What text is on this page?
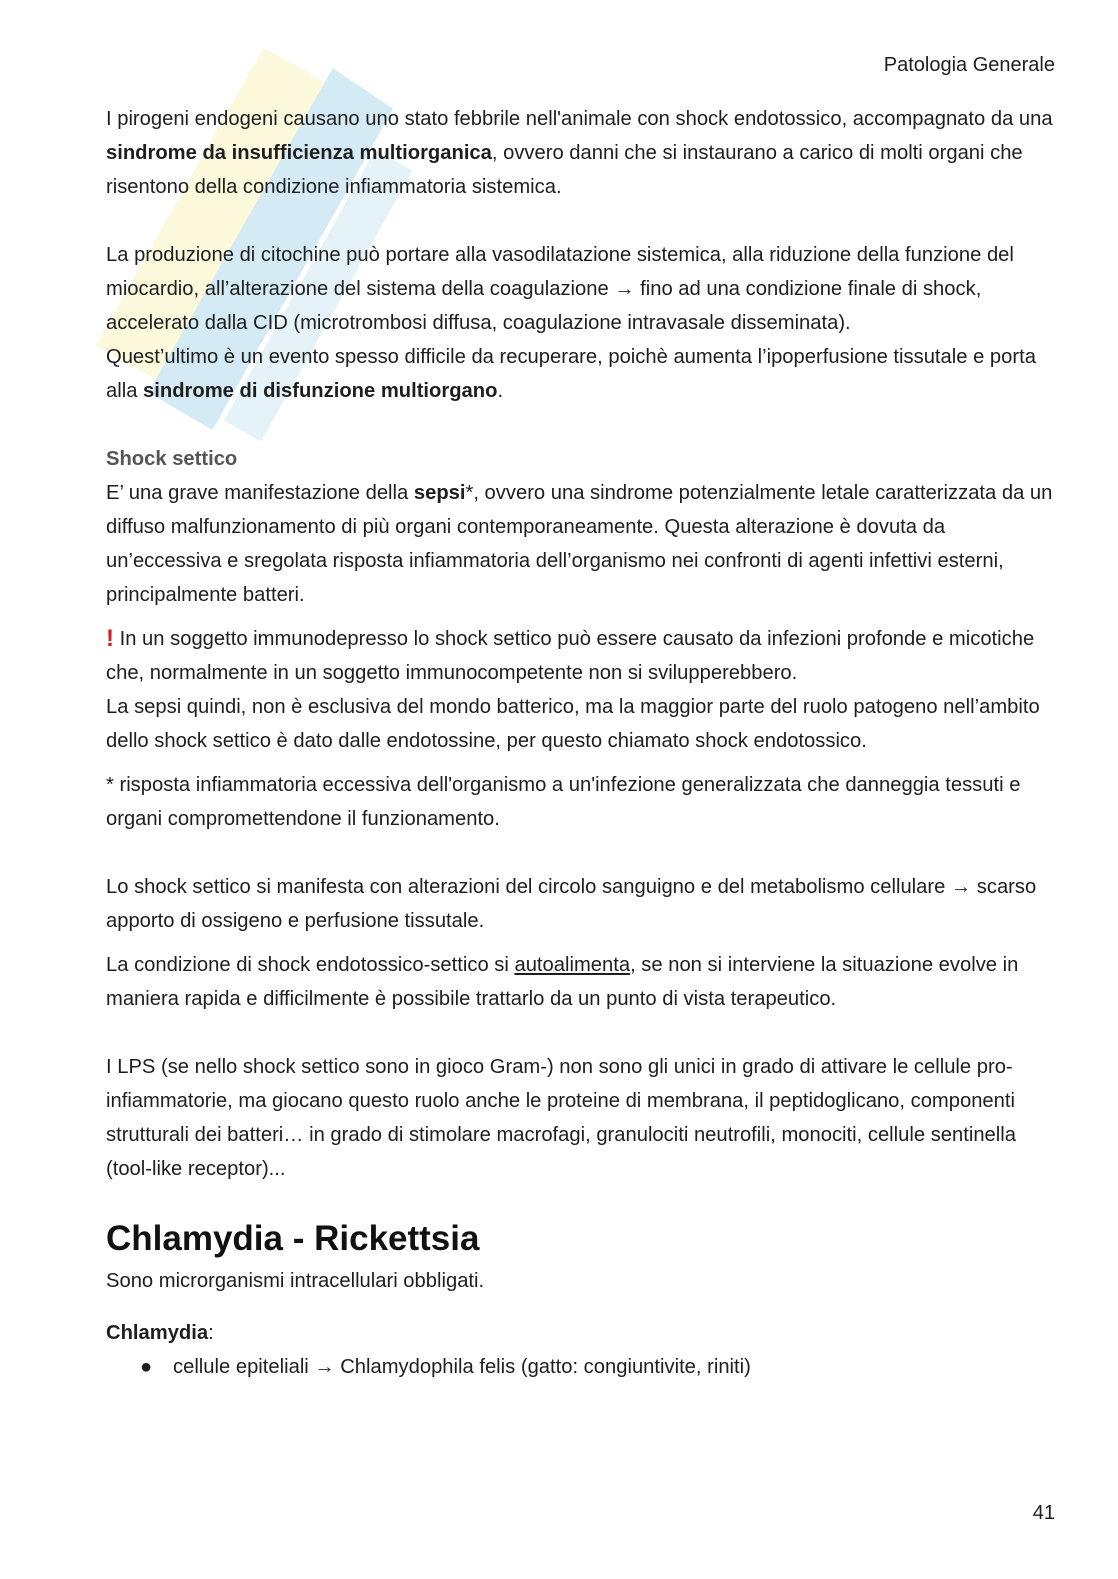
Patologia Generale

I pirogeni endogeni causano uno stato febbrile nell'animale con shock endotossico, accompagnato da una sindrome da insufficienza multiorganica, ovvero danni che si instaurano a carico di molti organi che risentono della condizione infiammatoria sistemica.

La produzione di citochine può portare alla vasodilatazione sistemica, alla riduzione della funzione del miocardio, all’alterazione del sistema della coagulazione → fino ad una condizione finale di shock, accelerato dalla CID (microtrombosi diffusa, coagulazione intravasale disseminata).

Quest’ultimo è un evento spesso difficile da recuperare, poichè aumenta l’ipoperfusione tissutale e porta alla sindrome di disfunzione multiorgano.

Shock settico

E’ una grave manifestazione della sepsi*, ovvero una sindrome potenzialmente letale caratterizzata da un diffuso malfunzionamento di più organi contemporaneamente. Questa alterazione è dovuta da un’eccessiva e sregolata risposta infiammatoria dell’organismo nei confronti di agenti infettivi esterni, principalmente batteri.

! In un soggetto immunodepresso lo shock settico può essere causato da infezioni profonde e micotiche che, normalmente in un soggetto immunocompetente non si svilupperebbero.

La sepsi quindi, non è esclusiva del mondo batterico, ma la maggior parte del ruolo patogeno nell’ambito dello shock settico è dato dalle endotossine, per questo chiamato shock endotossico.

* risposta infiammatoria eccessiva dell'organismo a un'infezione generalizzata che danneggia tessuti e organi compromettendone il funzionamento.

Lo shock settico si manifesta con alterazioni del circolo sanguigno e del metabolismo cellulare → scarso apporto di ossigeno e perfusione tissutale.

La condizione di shock endotossico-settico si autoalimenta, se non si interviene la situazione evolve in maniera rapida e difficilmente è possibile trattarlo da un punto di vista terapeutico.

I LPS (se nello shock settico sono in gioco Gram-) non sono gli unici in grado di attivare le cellule pro-infiammatorie, ma giocano questo ruolo anche le proteine di membrana, il peptidoglicano, componenti strutturali dei batteri… in grado di stimolare macrofagi, granulociti neutrofili, monociti, cellule sentinella (tool-like receptor)...

Chlamydia - Rickettsia

Sono microrganismi intracellulari obbligati.

Chlamydia:

● cellule epiteliali → Chlamydophila felis (gatto: congiuntivite, riniti)
41
